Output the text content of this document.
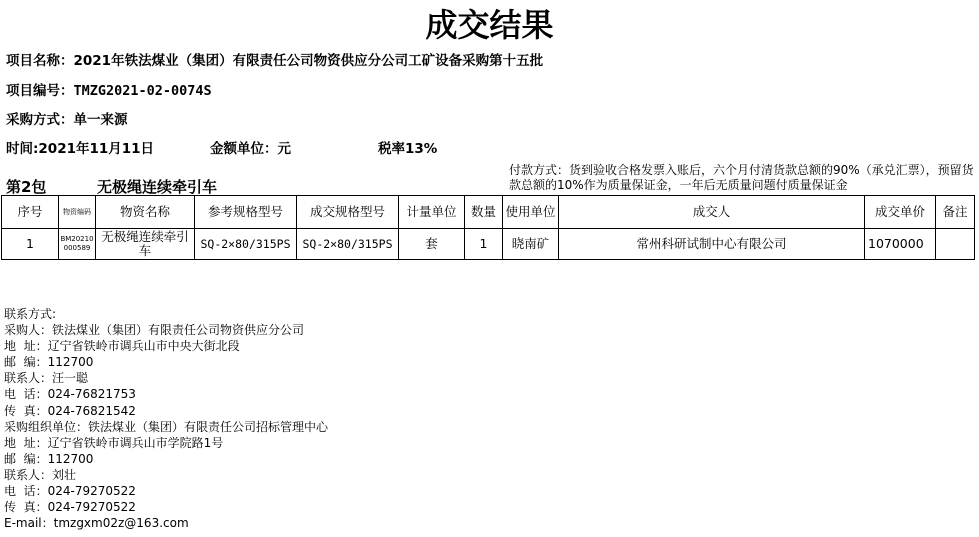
成交结果
项目名称：2021年铁法煤业（集团）有限责任公司物资供应分公司工矿设备采购第十五批
项目编号：TMZG2021-02-0074S
采购方式：单一来源
时间:2021年11月11日	金额单位：元	税率13%
付款方式：货到验收合格发票入账后，六个月付清货款总额的90%（承兑汇票），预留货款总额的10%作为质量保证金，一年后无质量问题付质量保证金
第2包	无极绳连续牵引车
序号	物资编码	物资名称	参考规格型号	成交规格型号	计量单位	数量	使用单位	成交人	成交单价	备注
1	BM20210000589	无极绳连续牵引车	SQ-2×80/315PS	SQ-2×80/315PS	套	1	晓南矿	常州科研试制中心有限公司	1070000	
联系方式:
采购人：铁法煤业（集团）有限责任公司物资供应分公司
地  址：辽宁省铁岭市调兵山市中央大街北段
邮  编：112700
联系人：汪一聪
电  话：024-76821753
传  真：024-76821542
采购组织单位：铁法煤业（集团）有限责任公司招标管理中心
地  址：辽宁省铁岭市调兵山市学院路1号
邮  编：112700
联系人：刘壮
电  话：024-79270522
传  真：024-79270522
E-mail：tmzgxm02z@163.com
